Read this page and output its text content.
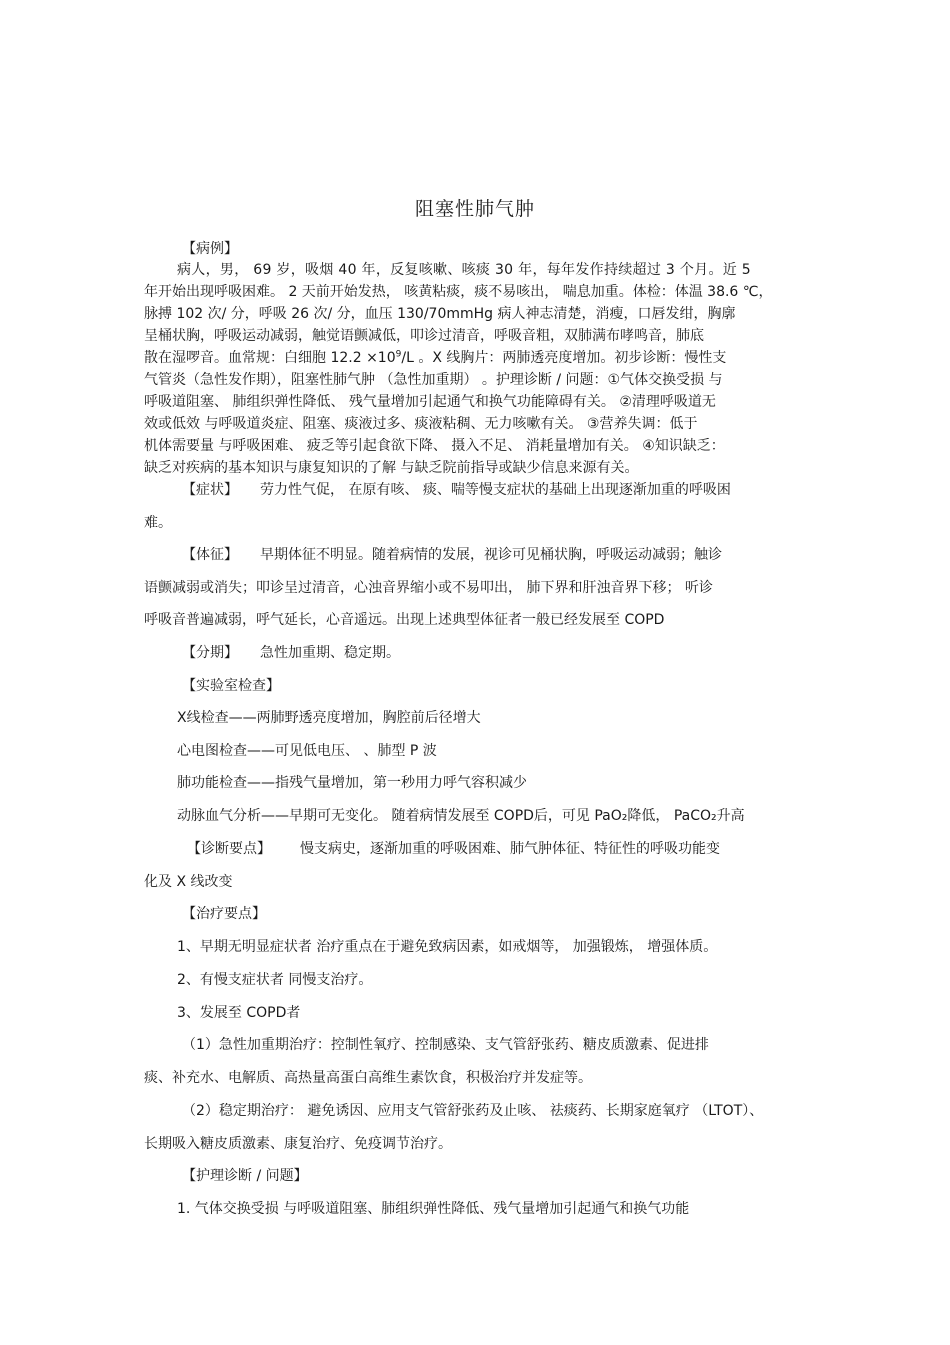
阻塞性肺气肿
【病例】
病人，男， 69 岁，吸烟 40 年，反复咳嗽、咳痰 30 年，每年发作持续超过 3 个月。近 5
年开始出现呼吸困难。 2 天前开始发热， 咳黄粘痰，痰不易咳出， 喘息加重。体检：体温 38.6 ℃，
脉搏 102 次/ 分，呼吸 26 次/ 分，血压 130/70mmHg 病人神志清楚，消瘦，口唇发绀，胸廓
呈桶状胸，呼吸运动减弱，触觉语颤减低，叩诊过清音，呼吸音粗，双肺满布哮鸣音，肺底
散在湿啰音。血常规：白细胞 $12.2 \times 10^9/L$ 。X 线胸片：两肺透亮度增加。初步诊断：慢性支
气管炎（急性发作期），阻塞性肺气肿 （急性加重期） 。护理诊断 / 问题：①气体交换受损 与
呼吸道阻塞、 肺组织弹性降低、 残气量增加引起通气和换气功能障碍有关。 ②清理呼吸道无
效或低效 与呼吸道炎症、阻塞、痰液过多、痰液粘稠、无力咳嗽有关。 ③营养失调：低于
机体需要量 与呼吸困难、 疲乏等引起食欲下降、 摄入不足、 消耗量增加有关。 ④知识缺乏：
缺乏对疾病的基本知识与康复知识的了解 与缺乏院前指导或缺少信息来源有关。
【症状】 劳力性气促， 在原有咳、 痰、喘等慢支症状的基础上出现逐渐加重的呼吸困
难。
【体征】 早期体征不明显。随着病情的发展，视诊可见桶状胸，呼吸运动减弱；触诊
语颤减弱或消失；叩诊呈过清音，心浊音界缩小或不易叩出， 肺下界和肝浊音界下移； 听诊
呼吸音普遍减弱，呼气延长，心音遥远。出现上述典型体征者一般已经发展至 COPD
【分期】 急性加重期、稳定期。
【实验室检查】
X线检查——两肺野透亮度增加，胸腔前后径增大
心电图检查——可见低电压、 、肺型 P 波
肺功能检查——指残气量增加，第一秒用力呼气容积减少
动脉血气分析——早期可无变化。 随着病情发展至 COPD后，可见 PaO₂降低， PaCO₂升高
【诊断要点】 慢支病史，逐渐加重的呼吸困难、肺气肿体征、特征性的呼吸功能变
化及 X 线改变
【治疗要点】
1、早期无明显症状者 治疗重点在于避免致病因素，如戒烟等， 加强锻炼， 增强体质。
2、有慢支症状者 同慢支治疗。
3、发展至 COPD者
（1）急性加重期治疗：控制性氧疗、控制感染、支气管舒张药、糖皮质激素、促进排
痰、补充水、电解质、高热量高蛋白高维生素饮食，积极治疗并发症等。
（2）稳定期治疗： 避免诱因、应用支气管舒张药及止咳、 祛痰药、长期家庭氧疗 （LTOT）、
长期吸入糖皮质激素、康复治疗、免疫调节治疗。
【护理诊断 / 问题】
1. 气体交换受损 与呼吸道阻塞、肺组织弹性降低、残气量增加引起通气和换气功能
